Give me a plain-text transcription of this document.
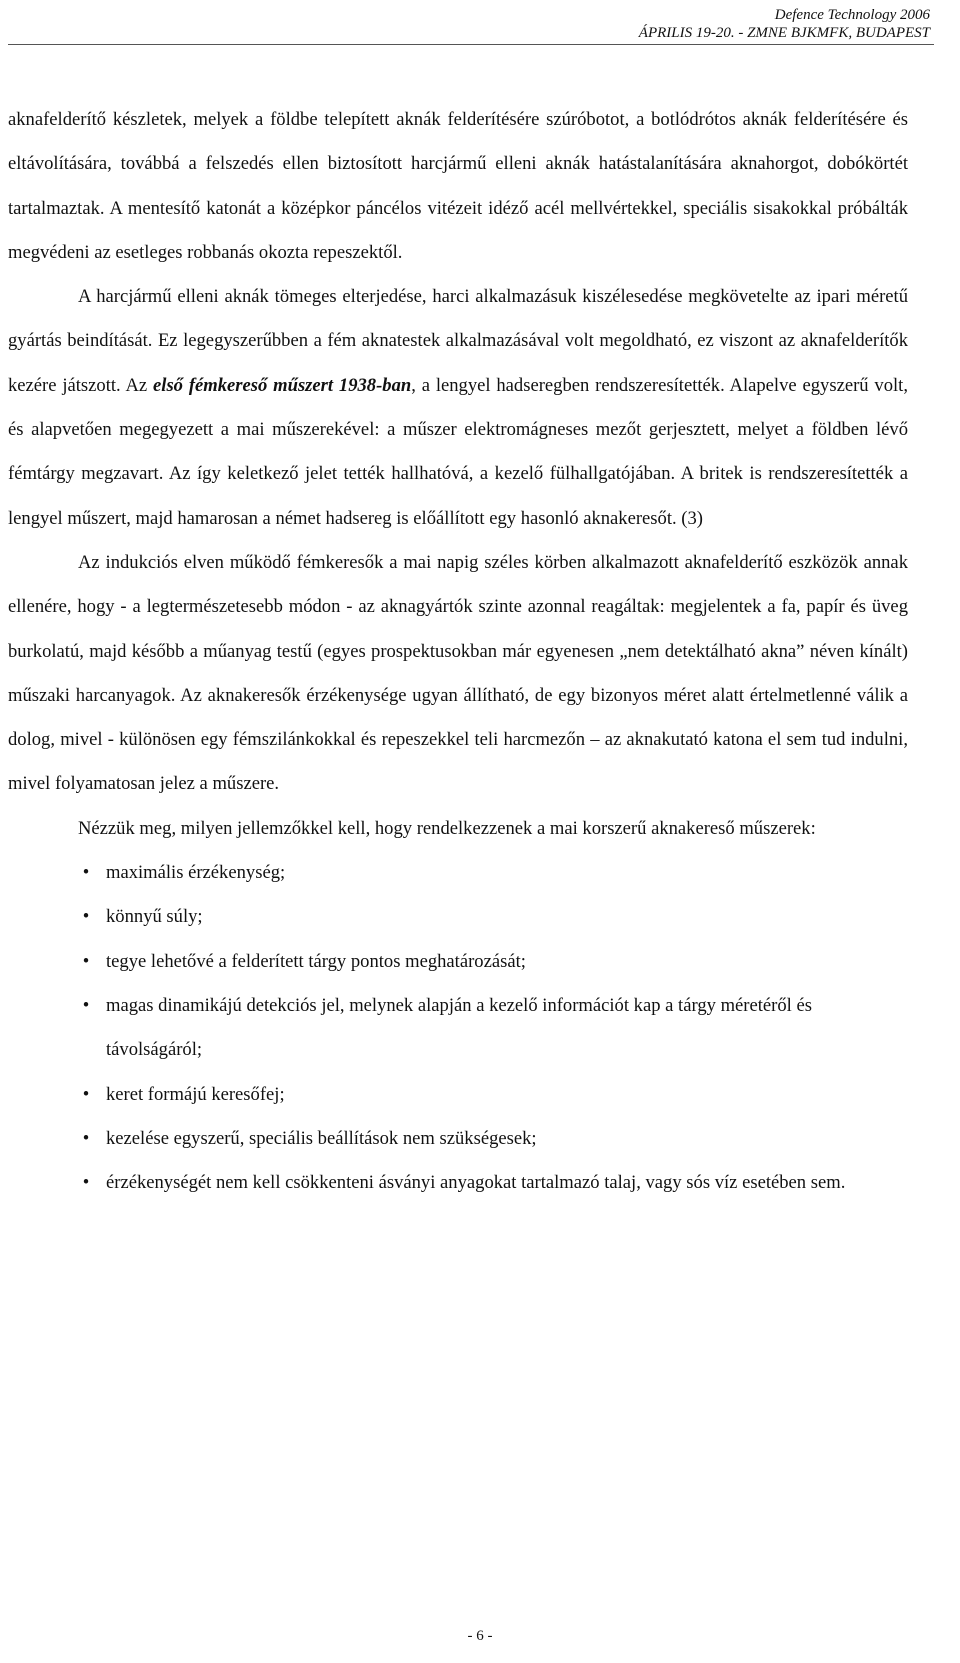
Defence Technology 2006
ÁPRILIS 19-20. - ZMNE BJKMFK, BUDAPEST

aknafelderítő készletek, melyek a földbe telepített aknák felderítésére szúróbotot, a botlódrótos aknák felderítésére és eltávolítására, továbbá a felszedés ellen biztosított harcjármű elleni aknák hatástalanítására aknahorgot, dobókörtét tartalmaztak. A mentesítő katonát a középkor páncélos vitézeit idéző acél mellvértekkel, speciális sisakokkal próbálták megvédeni az esetleges robbanás okozta repeszektől.

A harcjármű elleni aknák tömeges elterjedése, harci alkalmazásuk kiszélesedése megkövetelte az ipari méretű gyártás beindítását. Ez legegyszerűbben a fém aknatestek alkalmazásával volt megoldható, ez viszont az aknafelderítők kezére játszott. Az első fémkereső műszert 1938-ban, a lengyel hadseregben rendszeresítették. Alapelve egyszerű volt, és alapvetően megegyezett a mai műszerekével: a műszer elektromágneses mezőt gerjesztett, melyet a földben lévő fémtárgy megzavart. Az így keletkező jelet tették hallhatóvá, a kezelő fülhallgatójában. A britek is rendszeresítették a lengyel műszert, majd hamarosan a német hadsereg is előállított egy hasonló aknakeresőt. (3)

Az indukciós elven működő fémkeresők a mai napig széles körben alkalmazott aknafelderítő eszközök annak ellenére, hogy - a legtermészetesebb módon - az aknagyártók szinte azonnal reagáltak: megjelentek a fa, papír és üveg burkolatú, majd később a műanyag testű (egyes prospektusokban már egyenesen „nem detektálható akna” néven kínált) műszaki harcanyagok. Az aknakeresők érzékenysége ugyan állítható, de egy bizonyos méret alatt értelmetlenné válik a dolog, mivel - különösen egy fémszilánkokkal és repeszekkel teli harcmezőn – az aknakutató katona el sem tud indulni, mivel folyamatosan jelez a műszere.

Nézzük meg, milyen jellemzőkkel kell, hogy rendelkezzenek a mai korszerű aknakereső műszerek:

• maximális érzékenység;
• könnyű súly;
• tegye lehetővé a felderített tárgy pontos meghatározását;
• magas dinamikájú detekciós jel, melynek alapján a kezelő információt kap a tárgy méretéről és távolságáról;
• keret formájú keresőfej;
• kezelése egyszerű, speciális beállítások nem szükségesek;
• érzékenységét nem kell csökkenteni ásványi anyagokat tartalmazó talaj, vagy sós víz esetében sem.
- 6 -
